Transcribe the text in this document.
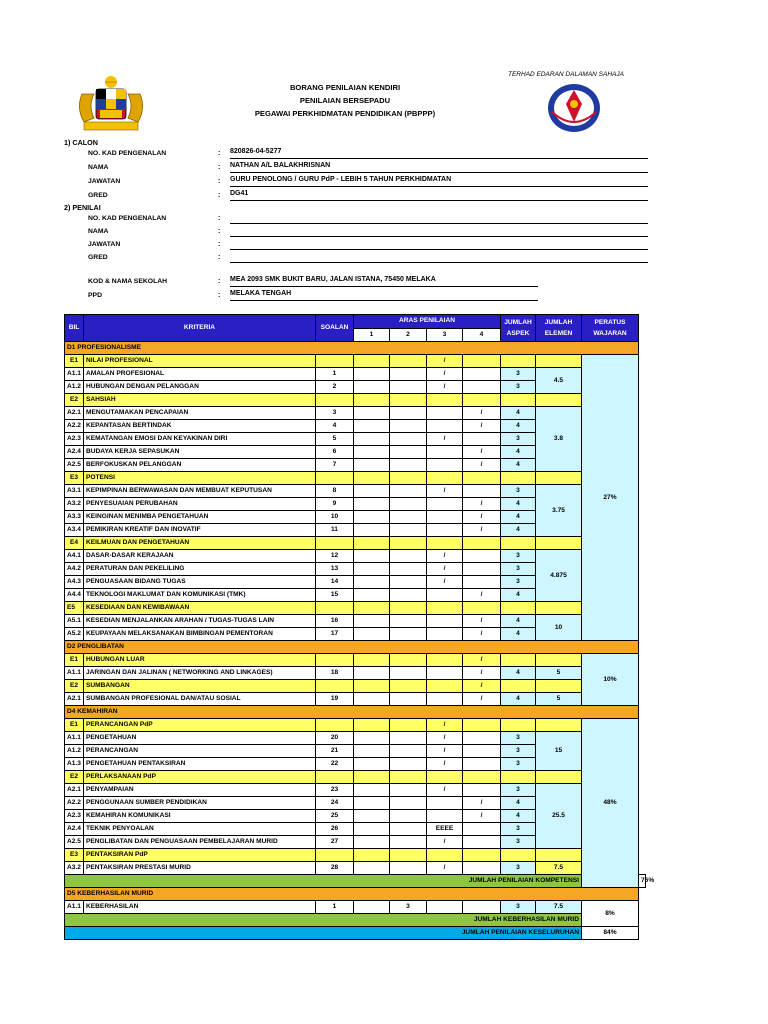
TERHAD EDARAN DALAMAN SAHAJA
BORANG PENILAIAN KENDIRI
PENILAIAN BERSEPADU
PEGAWAI PERKHIDMATAN PENDIDIKAN (PBPPP)
1) CALON
NO. KAD PENGENALAN	: 820826-04-5277
NAMA	: NATHAN A/L BALAKHRISNAN
JAWATAN	: GURU PENOLONG / GURU PdP - LEBIH 5 TAHUN PERKHIDMATAN
GRED	: DG41
2) PENILAI
NO. KAD PENGENALAN	:
NAMA	:
JAWATAN	:
GRED	:
KOD & NAMA SEKOLAH	: MEA 2093 SMK BUKIT BARU, JALAN ISTANA, 75450 MELAKA
PPD	: MELAKA TENGAH
BIL	KRITERIA	SOALAN	ARAS PENILAIAN				JUMLAH ASPEK	JUMLAH ELEMEN	PERATUS WAJARAN	
			1	2	3	4				
D1 PROFESIONALISME										
E1	NILAI PROFESIONAL				/				27%	
A1.1	AMALAN PROFESIONAL	1			/		3	4.5		
A1.2	HUBUNGAN DENGAN PELANGGAN	2			/		3			
E2	SAHSIAH									
A2.1	MENGUTAMAKAN PENCAPAIAN	3				/	4	3.8		
A2.2	KEPANTASAN BERTINDAK	4				/	4			
A2.3	KEMATANGAN EMOSI DAN KEYAKINAN DIRI	5			/		3			
A2.4	BUDAYA KERJA SEPASUKAN	6				/	4			
A2.5	BERFOKUSKAN PELANGGAN	7				/	4			
E3	POTENSI									
A3.1	KEPIMPINAN BERWAWASAN DAN MEMBUAT KEPUTUSAN	8			/		3	3.75		
A3.2	PENYESUAIAN PERUBAHAN	9				/	4			
A3.3	KEINGINAN MENIMBA PENGETAHUAN	10				/	4			
A3.4	PEMIKIRAN KREATIF DAN INOVATIF	11				/	4			
E4	KEILMUAN DAN PENGETAHUAN									
A4.1	DASAR-DASAR KERAJAAN	12			/		3	4.875		
A4.2	PERATURAN DAN PEKELILING	13			/		3			
A4.3	PENGUASAAN BIDANG TUGAS	14			/		3			
A4.4	TEKNOLOGI MAKLUMAT DAN KOMUNIKASI (TMK)	15				/	4			
E5	KESEDIAAN DAN KEWIBAWAAN									
A5.1	KESEDIAN MENJALANKAN ARAHAN / TUGAS-TUGAS LAIN	16				/	4	10		
A5.2	KEUPAYAAN MELAKSANAKAN BIMBINGAN PEMENTORAN	17				/	4			
D2 PENGLIBATAN										
E1	HUBUNGAN LUAR					/			10%	
A1.1	JARINGAN DAN JALINAN ( NETWORKING AND LINKAGES)	18				/	4	5		
E2	SUMBANGAN					/				
A2.1	SUMBANGAN PROFESIONAL DAN/ATAU SOSIAL	19				/	4	5		
D4 KEMAHIRAN										
E1	PERANCANGAN PdP				/				48%	
A1.1	PENGETAHUAN	20			/		3	15		
A1.2	PERANCANGAN	21			/		3			
A1.3	PENGETAHUAN PENTAKSIRAN	22			/		3			
E2	PERLAKSANAAN PdP									
A2.1	PENYAMPAIAN	23			/		3	25.5		
A2.2	PENGGUNAAN SUMBER PENDIDIKAN	24				/	4			
A2.3	KEMAHIRAN KOMUNIKASI	25				/	4			
A2.4	TEKNIK PENYOALAN	26			EEEE		3			
A2.5	PENGLIBATAN DAN PENGUASAAN PEMBELAJARAN MURID	27			/		3			
E3	PENTAKSIRAN PdP									
A3.2	PENTAKSIRAN PRESTASI MURID	28			/		3	7.5		
JUMLAH PENILAIAN KOMPETENSI										76%
D5 KEBERHASILAN MURID										
A1.1	KEBERHASILAN	1		3			3	7.5	8%	
JUMLAH KEBERHASILAN MURID										
JUMLAH PENILAIAN KESELURUHAN									84%	
